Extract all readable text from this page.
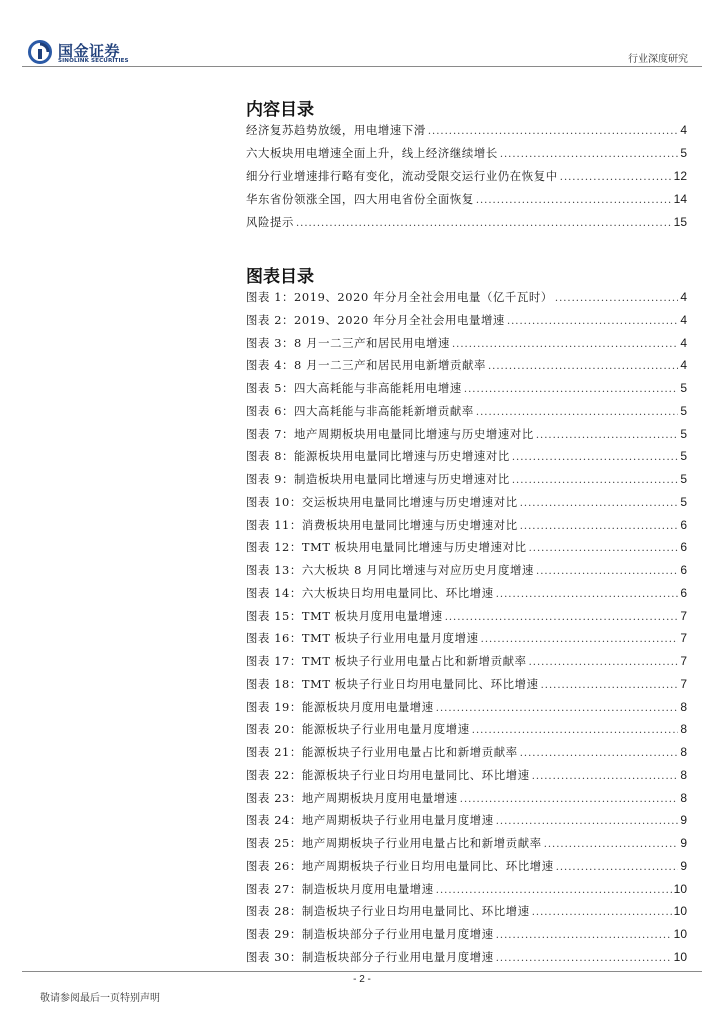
国金证券
SINOLINK SECURITIES	行业深度研究
内容目录
经济复苏趋势放缓，用电增速下滑 .....	4
六大板块用电增速全面上升，线上经济继续增长 .....	5
细分行业增速排行略有变化，流动受限交运行业仍在恢复中 .....	12
华东省份领涨全国，四大用电省份全面恢复 .....	14
风险提示 .....	15
图表目录
图表 1：2019、2020 年分月全社会用电量（亿千瓦时） .....	4
图表 2：2019、2020 年分月全社会用电量增速 .....	4
图表 3：8 月一二三产和居民用电增速 .....	4
图表 4：8 月一二三产和居民用电新增贡献率 .....	4
图表 5：四大高耗能与非高能耗用电增速 .....	5
图表 6：四大高耗能与非高能耗新增贡献率 .....	5
图表 7：地产周期板块用电量同比增速与历史增速对比 .....	5
图表 8：能源板块用电量同比增速与历史增速对比 .....	5
图表 9：制造板块用电量同比增速与历史增速对比 .....	5
图表 10：交运板块用电量同比增速与历史增速对比 .....	5
图表 11：消费板块用电量同比增速与历史增速对比 .....	6
图表 12：TMT 板块用电量同比增速与历史增速对比 .....	6
图表 13：六大板块 8 月同比增速与对应历史月度增速 .....	6
图表 14：六大板块日均用电量同比、环比增速 .....	6
图表 15：TMT 板块月度用电量增速 .....	7
图表 16：TMT 板块子行业用电量月度增速 .....	7
图表 17：TMT 板块子行业用电量占比和新增贡献率 .....	7
图表 18：TMT 板块子行业日均用电量同比、环比增速 .....	7
图表 19：能源板块月度用电量增速 .....	8
图表 20：能源板块子行业用电量月度增速 .....	8
图表 21：能源板块子行业用电量占比和新增贡献率 .....	8
图表 22：能源板块子行业日均用电量同比、环比增速 .....	8
图表 23：地产周期板块月度用电量增速 .....	8
图表 24：地产周期板块子行业用电量月度增速 .....	9
图表 25：地产周期板块子行业用电量占比和新增贡献率 .....	9
图表 26：地产周期板块子行业日均用电量同比、环比增速 .....	9
图表 27：制造板块月度用电量增速 .....	10
图表 28：制造板块子行业日均用电量同比、环比增速 .....	10
图表 29：制造板块部分子行业用电量月度增速 .....	10
图表 30：制造板块部分子行业用电量月度增速 .....	10
- 2 -
敬请参阅最后一页特别声明
